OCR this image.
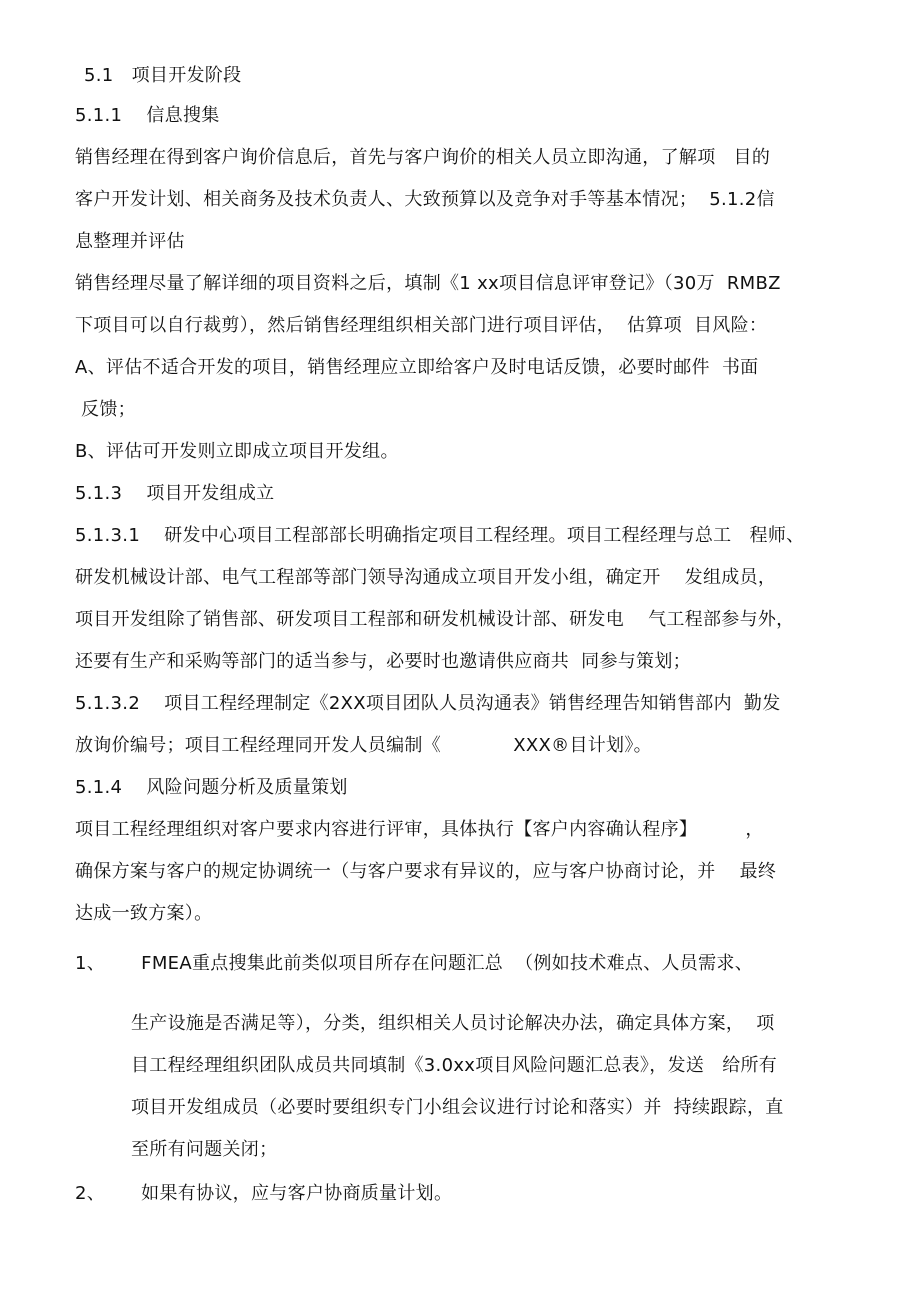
5.1   项目开发阶段
5.1.1    信息搜集
销售经理在得到客户询价信息后，首先与客户询价的相关人员立即沟通，了解项   目的
客户开发计划、相关商务及技术负责人、大致预算以及竞争对手等基本情况；  5.1.2信
息整理并评估
销售经理尽量了解详细的项目资料之后，填制《1 xx项目信息评审登记》（30万  RMBZ
下项目可以自行裁剪），然后销售经理组织相关部门进行项目评估，  估算项  目风险：
A、评估不适合开发的项目，销售经理应立即给客户及时电话反馈，必要时邮件  书面
反馈；
B、评估可开发则立即成立项目开发组。
5.1.3    项目开发组成立
5.1.3.1    研发中心项目工程部部长明确指定项目工程经理。项目工程经理与总工   程师、
研发机械设计部、电气工程部等部门领导沟通成立项目开发小组，确定开    发组成员，
项目开发组除了销售部、研发项目工程部和研发机械设计部、研发电    气工程部参与外，
还要有生产和采购等部门的适当参与，必要时也邀请供应商共  同参与策划；
5.1.3.2    项目工程经理制定《2XX项目团队人员沟通表》销售经理告知销售部内  勤发
放询价编号；项目工程经理同开发人员编制《            XXX®目计划》。
5.1.4    风险问题分析及质量策划
项目工程经理组织对客户要求内容进行评审，具体执行【客户内容确认程序】        ，
确保方案与客户的规定协调统一（与客户要求有异议的，应与客户协商讨论，并    最终
达成一致方案）。
1、      FMEA重点搜集此前类似项目所存在问题汇总  （例如技术难点、人员需求、
生产设施是否满足等），分类，组织相关人员讨论解决办法，确定具体方案，  项
目工程经理组织团队成员共同填制《3.0xx项目风险问题汇总表》，发送   给所有
项目开发组成员（必要时要组织专门小组会议进行讨论和落实）并  持续跟踪，直
至所有问题关闭；
2、      如果有协议，应与客户协商质量计划。
